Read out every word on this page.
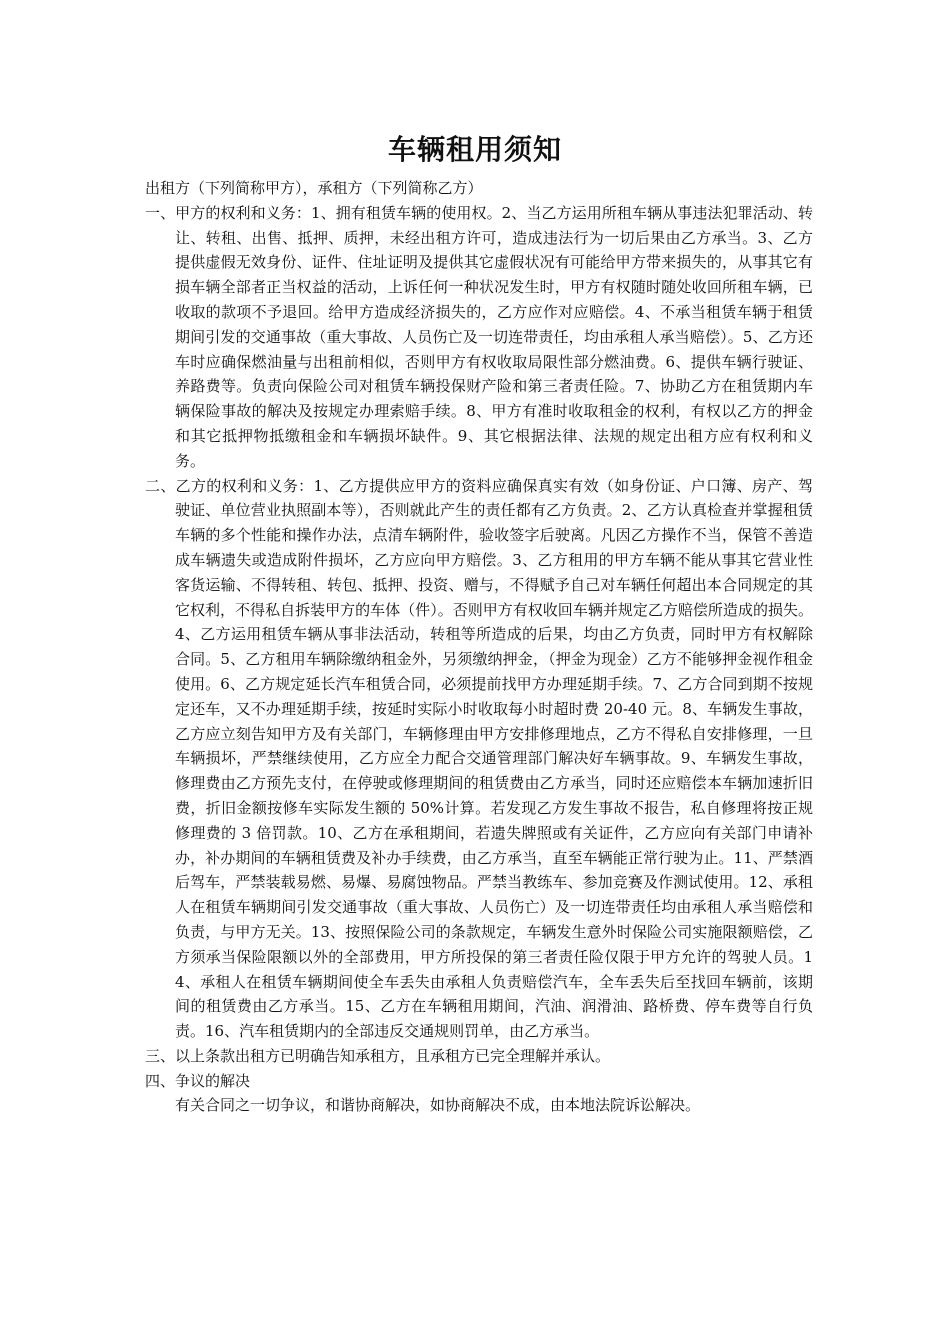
车辆租用须知

出租方（下列简称甲方），承租方（下列简称乙方）

一、甲方的权利和义务：1、拥有租赁车辆的使用权。2、当乙方运用所租车辆从事违法犯罪活动、转让、转租、出售、抵押、质押，未经出租方许可，造成违法行为一切后果由乙方承当。3、乙方提供虚假无效身份、证件、住址证明及提供其它虚假状况有可能给甲方带来损失的，从事其它有损车辆全部者正当权益的活动，上诉任何一种状况发生时，甲方有权随时随处收回所租车辆，已收取的款项不予退回。给甲方造成经济损失的，乙方应作对应赔偿。4、不承当租赁车辆于租赁期间引发的交通事故（重大事故、人员伤亡及一切连带责任，均由承租人承当赔偿）。5、乙方还车时应确保燃油量与出租前相似，否则甲方有权收取局限性部分燃油费。6、提供车辆行驶证、养路费等。负责向保险公司对租赁车辆投保财产险和第三者责任险。7、协助乙方在租赁期内车辆保险事故的解决及按规定办理索赔手续。8、甲方有准时收取租金的权利，有权以乙方的押金和其它抵押物抵缴租金和车辆损坏缺件。9、其它根据法律、法规的规定出租方应有权利和义务。

二、乙方的权利和义务：1、乙方提供应甲方的资料应确保真实有效（如身份证、户口簿、房产、驾驶证、单位营业执照副本等），否则就此产生的责任都有乙方负责。2、乙方认真检查并掌握租赁车辆的多个性能和操作办法，点清车辆附件，验收签字后驶离。凡因乙方操作不当，保管不善造成车辆遗失或造成附件损坏，乙方应向甲方赔偿。3、乙方租用的甲方车辆不能从事其它营业性客货运输、不得转租、转包、抵押、投资、赠与，不得赋予自己对车辆任何超出本合同规定的其它权利，不得私自拆装甲方的车体（件）。否则甲方有权收回车辆并规定乙方赔偿所造成的损失。4、乙方运用租赁车辆从事非法活动，转租等所造成的后果，均由乙方负责，同时甲方有权解除合同。5、乙方租用车辆除缴纳租金外，另须缴纳押金，（押金为现金）乙方不能够押金视作租金使用。6、乙方规定延长汽车租赁合同，必须提前找甲方办理延期手续。7、乙方合同到期不按规定还车，又不办理延期手续，按延时实际小时收取每小时超时费 20-40 元。8、车辆发生事故，乙方应立刻告知甲方及有关部门，车辆修理由甲方安排修理地点，乙方不得私自安排修理，一旦车辆损坏，严禁继续使用，乙方应全力配合交通管理部门解决好车辆事故。9、车辆发生事故，修理费由乙方预先支付，在停驶或修理期间的租赁费由乙方承当，同时还应赔偿本车辆加速折旧费，折旧金额按修车实际发生额的 50%计算。若发现乙方发生事故不报告，私自修理将按正规修理费的 3 倍罚款。10、乙方在承租期间，若遗失牌照或有关证件，乙方应向有关部门申请补办，补办期间的车辆租赁费及补办手续费，由乙方承当，直至车辆能正常行驶为止。11、严禁酒后驾车，严禁装载易燃、易爆、易腐蚀物品。严禁当教练车、参加竞赛及作测试使用。12、承租人在租赁车辆期间引发交通事故（重大事故、人员伤亡）及一切连带责任均由承租人承当赔偿和负责，与甲方无关。13、按照保险公司的条款规定，车辆发生意外时保险公司实施限额赔偿，乙方须承当保险限额以外的全部费用，甲方所投保的第三者责任险仅限于甲方允许的驾驶人员。14、承租人在租赁车辆期间使全车丢失由承租人负责赔偿汽车，全车丢失后至找回车辆前，该期间的租赁费由乙方承当。15、乙方在车辆租用期间，汽油、润滑油、路桥费、停车费等自行负责。16、汽车租赁期内的全部违反交通规则罚单，由乙方承当。

三、以上条款出租方已明确告知承租方，且承租方已完全理解并承认。

四、争议的解决

有关合同之一切争议，和谐协商解决，如协商解决不成，由本地法院诉讼解决。
